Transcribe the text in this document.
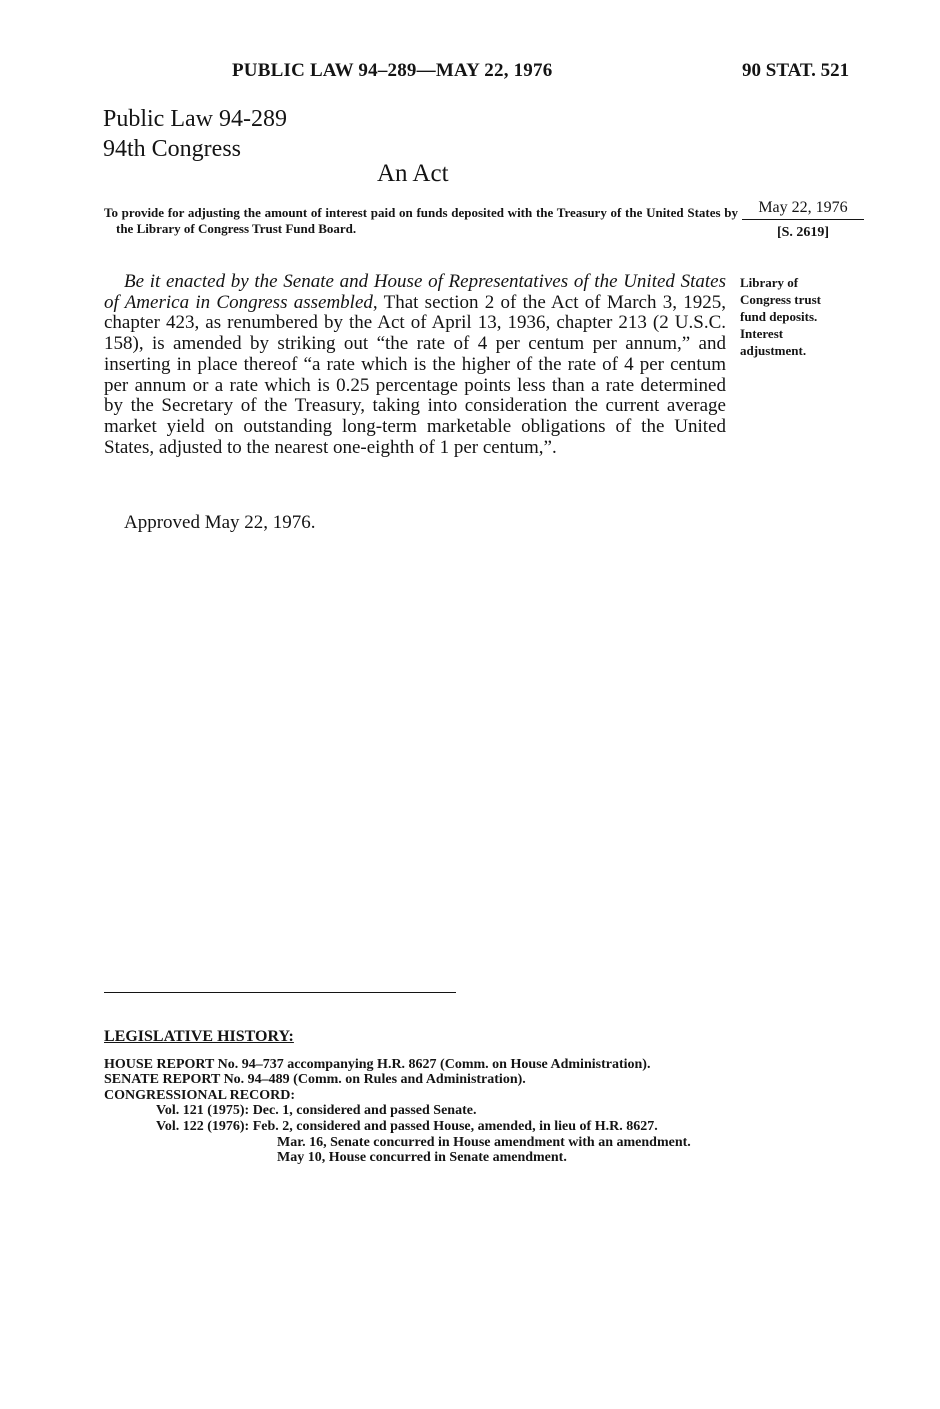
PUBLIC LAW 94–289—MAY 22, 1976	90 STAT. 521
Public Law 94-289
94th Congress
An Act
To provide for adjusting the amount of interest paid on funds deposited with the Treasury of the United States by the Library of Congress Trust Fund Board.
May 22, 1976
[S. 2619]
Library of
Congress trust
fund deposits.
Interest
adjustment.
Be it enacted by the Senate and House of Representatives of the United States of America in Congress assembled, That section 2 of the Act of March 3, 1925, chapter 423, as renumbered by the Act of April 13, 1936, chapter 213 (2 U.S.C. 158), is amended by striking out “the rate of 4 per centum per annum,” and inserting in place thereof “a rate which is the higher of the rate of 4 per centum per annum or a rate which is 0.25 percentage points less than a rate determined by the Secretary of the Treasury, taking into consideration the current average market yield on outstanding long-term marketable obligations of the United States, adjusted to the nearest one-eighth of 1 per centum,”.
Approved May 22, 1976.
LEGISLATIVE HISTORY:
HOUSE REPORT No. 94–737 accompanying H.R. 8627 (Comm. on House Administration).
SENATE REPORT No. 94–489 (Comm. on Rules and Administration).
CONGRESSIONAL RECORD:
Vol. 121 (1975): Dec. 1, considered and passed Senate.
Vol. 122 (1976): Feb. 2, considered and passed House, amended, in lieu of H.R. 8627.
Mar. 16, Senate concurred in House amendment with an amendment.
May 10, House concurred in Senate amendment.
